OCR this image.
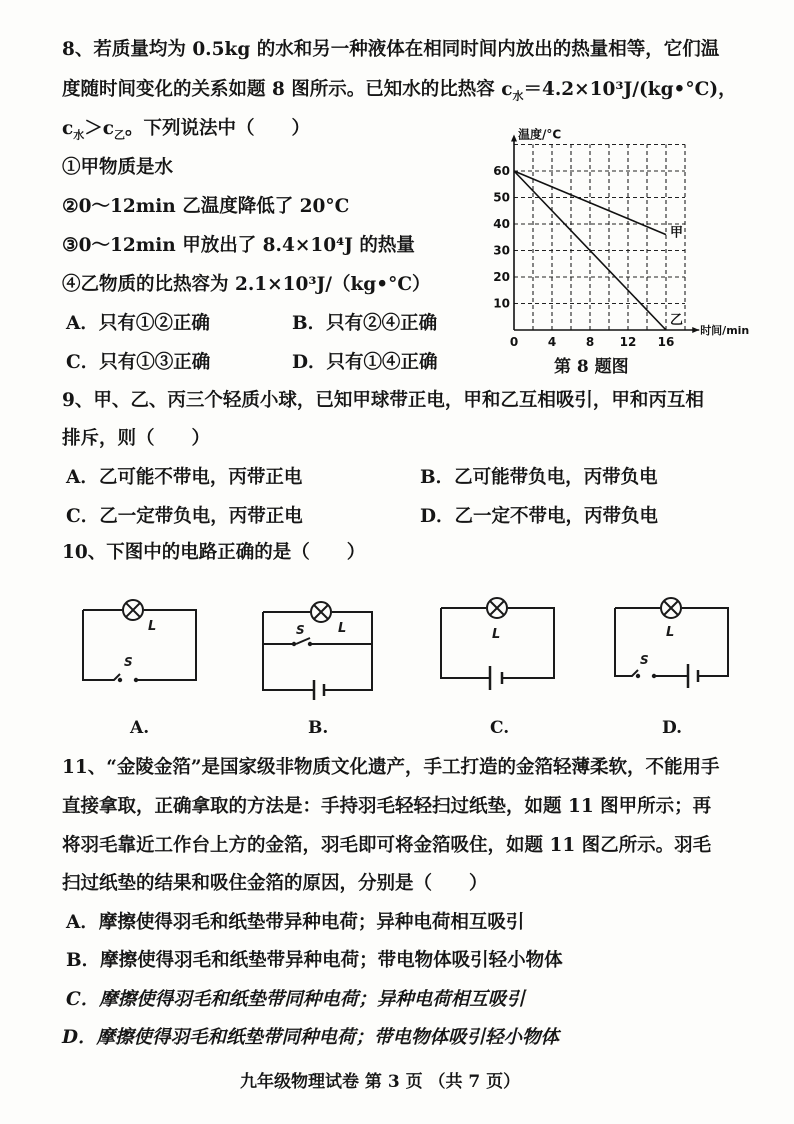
8、若质量均为 0.5kg 的水和另一种液体在相同时间内放出的热量相等，它们温
度随时间变化的关系如题 8 图所示。已知水的比热容 $c_水=4.2\times 10^3J/(kg•^\circ C)$，
$c_水>c_乙$。下列说法中（　　）
①甲物质是水
②0～12min 乙温度降低了 20°C
③0～12min 甲放出了 8.4×10⁴J 的热量
④乙物质的比热容为 2.1×10³J/（kg•°C）
A．只有①②正确	B．只有②④正确
C．只有①③正确	D．只有①④正确
0 4 8 12 16
10
20
30
40
50
60
温度/°C
时间/min
甲
乙
第 8 题图
9、甲、乙、丙三个轻质小球，已知甲球带正电，甲和乙互相吸引，甲和丙互相
排斥，则（　　）
A．乙可能不带电，丙带正电	B．乙可能带负电，丙带负电
C．乙一定带负电，丙带正电	D．乙一定不带电，丙带负电
10、下图中的电路正确的是（　　）
L
S
A.
L
S
B.
L
C.
L
S
D.
11、“金陵金箔”是国家级非物质文化遗产，手工打造的金箔轻薄柔软，不能用手
直接拿取，正确拿取的方法是：手持羽毛轻轻扫过纸垫，如题 11 图甲所示；再
将羽毛靠近工作台上方的金箔，羽毛即可将金箔吸住，如题 11 图乙所示。羽毛
扫过纸垫的结果和吸住金箔的原因，分别是（　　）
A．摩擦使得羽毛和纸垫带异种电荷；异种电荷相互吸引
B．摩擦使得羽毛和纸垫带异种电荷；带电物体吸引轻小物体
C．摩擦使得羽毛和纸垫带同种电荷；异种电荷相互吸引
D．摩擦使得羽毛和纸垫带同种电荷；带电物体吸引轻小物体
九年级物理试卷 第 3 页 （共 7 页）
